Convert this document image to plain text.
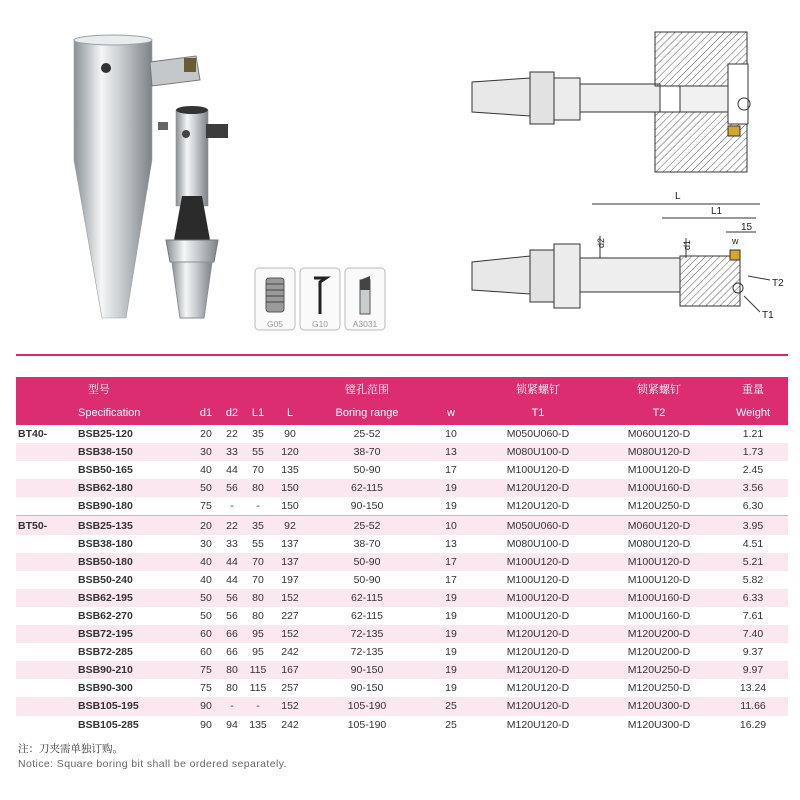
G05	G10	A3031
L
L1
15
w
d2	d1
T2
T1
	型号					镗孔范围		锁紧螺钉	锁紧螺钉	重量
	Specification	d1	d2	L1	L	Boring range	w	T1	T2	Weight
BT40-	BSB25-120	20	22	35	90	25-52	10	M050U060-D	M060U120-D	1.21
	BSB38-150	30	33	55	120	38-70	13	M080U100-D	M080U120-D	1.73
	BSB50-165	40	44	70	135	50-90	17	M100U120-D	M100U120-D	2.45
	BSB62-180	50	56	80	150	62-115	19	M120U120-D	M100U160-D	3.56
	BSB90-180	75	-	-	150	90-150	19	M120U120-D	M120U250-D	6.30
BT50-	BSB25-135	20	22	35	92	25-52	10	M050U060-D	M060U120-D	3.95
	BSB38-180	30	33	55	137	38-70	13	M080U100-D	M080U120-D	4.51
	BSB50-180	40	44	70	137	50-90	17	M100U120-D	M100U120-D	5.21
	BSB50-240	40	44	70	197	50-90	17	M100U120-D	M100U120-D	5.82
	BSB62-195	50	56	80	152	62-115	19	M100U120-D	M100U160-D	6.33
	BSB62-270	50	56	80	227	62-115	19	M100U120-D	M100U160-D	7.61
	BSB72-195	60	66	95	152	72-135	19	M120U120-D	M120U200-D	7.40
	BSB72-285	60	66	95	242	72-135	19	M120U120-D	M120U200-D	9.37
	BSB90-210	75	80	115	167	90-150	19	M120U120-D	M120U250-D	9.97
	BSB90-300	75	80	115	257	90-150	19	M120U120-D	M120U250-D	13.24
	BSB105-195	90	-	-	152	105-190	25	M120U120-D	M120U300-D	11.66
	BSB105-285	90	94	135	242	105-190	25	M120U120-D	M120U300-D	16.29
注：刀夹需单独订购。
Notice: Square boring bit shall be ordered separately.
